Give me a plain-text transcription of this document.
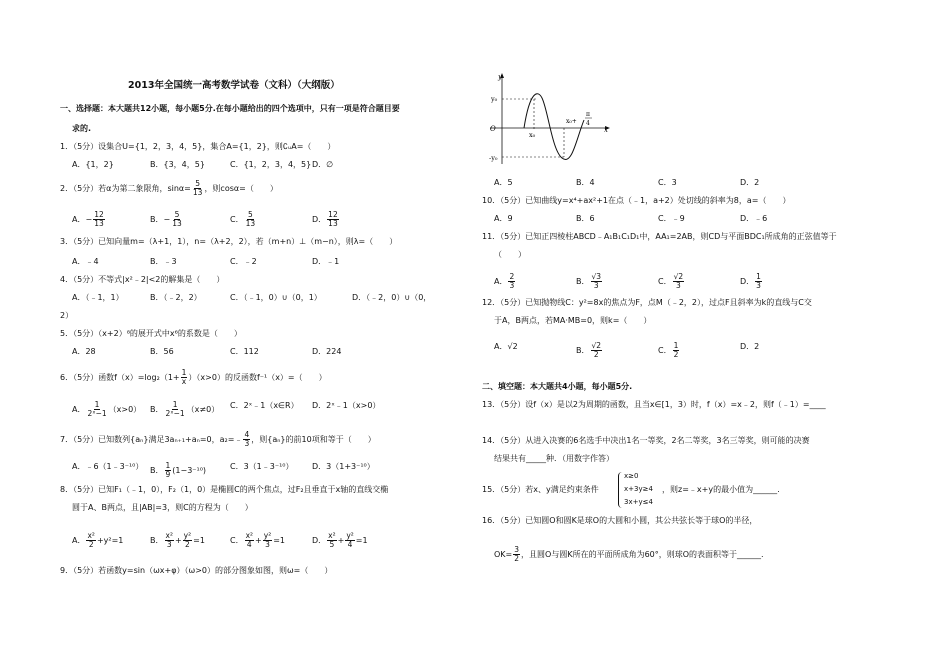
2013年全国统一高考数学试卷（文科）（大纲版）
一、选择题：本大题共12小题，每小题5分.在每小题给出的四个选项中，只有一项是符合题目要
求的.
1．（5分）设集合U={1，2，3，4，5}，集合A={1，2}，则∁ᵤA=（　　）
A．{1，2}	B．{3，4，5}	C．{1，2，3，4，5} D．∅
2．（5分）若α为第二象限角，$\sin\alpha= \frac{5}{13}$ ，则cosα=（　　）
A．− $\frac{12}{13}$	B．− $\frac{5}{13}$	C． $\frac{5}{13}$	D． $\frac{12}{13}$
3．（5分）已知向量m=（λ+1，1），n=（λ+2，2），若（m+n）⊥（m−n），则λ=（　　）
A．﹣4	B．﹣3	C．﹣2	D．﹣1
4．（5分）不等式|x²﹣2|<2的解集是（　　）
A．（﹣1，1）	B．（﹣2，2）	C．（﹣1，0）∪（0，1）	D．（﹣2，0）∪（0，
2）
5．（5分）（x+2）⁸的展开式中x⁶的系数是（　　）
A．28	B．56	C．112	D．224
6．（5分）函数$f(x)=\log_2(1+ \frac{1}{x} )(x>0)$的反函数f⁻¹（x）=（　　）
A． $\frac{1}{\text{2ˣ−1}} (x>0)$ B． $\frac{1}{\text{2ˣ−1}} (x\ne 0)$ C．2ˣ﹣1（x∈R） D．2ˣ﹣1（x>0）
7．（5分）已知数列{aₙ}满足3aₙ₊₁+aₙ=0，a₂=﹣ $\frac{4}{3}$ ，则{aₙ}的前10项和等于（　　）
A．﹣6（1﹣3⁻¹⁰） B． $\frac{1}{9} (1-3^{-10})$	C．3（1﹣3⁻¹⁰） D．3（1+3⁻¹⁰）
8．（5分）已知F₁（﹣1，0），F₂（1，0）是椭圆C的两个焦点，过F₂且垂直于x轴的直线交椭
圆于A、B两点，且|AB|=3，则C的方程为（　　）
A． $\frac{\text{x²}}{2} +y^2=1$	B． $\frac{\text{x²}}{3} + \frac{\text{y²}}{2} =1$	C． $\frac{\text{x²}}{4} + \frac{\text{y²}}{3} =1$	D． $\frac{\text{x²}}{5} + \frac{\text{y²}}{4} =1$
9．（5分）若函数y=sin（ωx+φ）（ω>0）的部分图象如图，则ω=（　　）
y
y₀
O	x
x₀
-y₀
x₀+
π
4
A．5	B．4	C．3	D．2
10．（5分）已知曲线y=x⁴+ax²+1在点（﹣1，a+2）处切线的斜率为8，a=（　　）
A．9	B．6	C．﹣9	D．﹣6
11．（5分）已知正四棱柱ABCD﹣A₁B₁C₁D₁中，AA₁=2AB，则CD与平面BDC₁所成角的正弦值等于
（　　）
A． $\frac{2}{3}$	B． $\frac{√3}{3}$	C． $\frac{√2}{3}$	D． $\frac{1}{3}$
12．（5分）已知抛物线C：y²=8x的焦点为F，点M（﹣2，2），过点F且斜率为k的直线与C交
于A，B两点，若MA·MB=0，则k=（　　）
A．√2	B． $\frac{√2}{2}$	C． $\frac{1}{2}$	D．2
二、填空题：本大题共4小题，每小题5分.
13．（5分）设f（x）是以2为周期的函数，且当x∈[1，3）时，f（x）=x﹣2，则f（﹣1）=____
14．（5分）从进入决赛的6名选手中决出1名一等奖，2名二等奖，3名三等奖，则可能的决赛
结果共有_____种．（用数字作答）
15．（5分）若x、y满足约束条件
x≥0
x+3y≥4
3x+y≤4
，则z=﹣x+y的最小值为______.
16．（5分）已知圆O和圆K是球O的大圆和小圆，其公共弦长等于球O的半径，
$OK= \frac{3}{2}$ ，且圆O与圆K所在的平面所成角为60°，则球O的表面积等于______.
